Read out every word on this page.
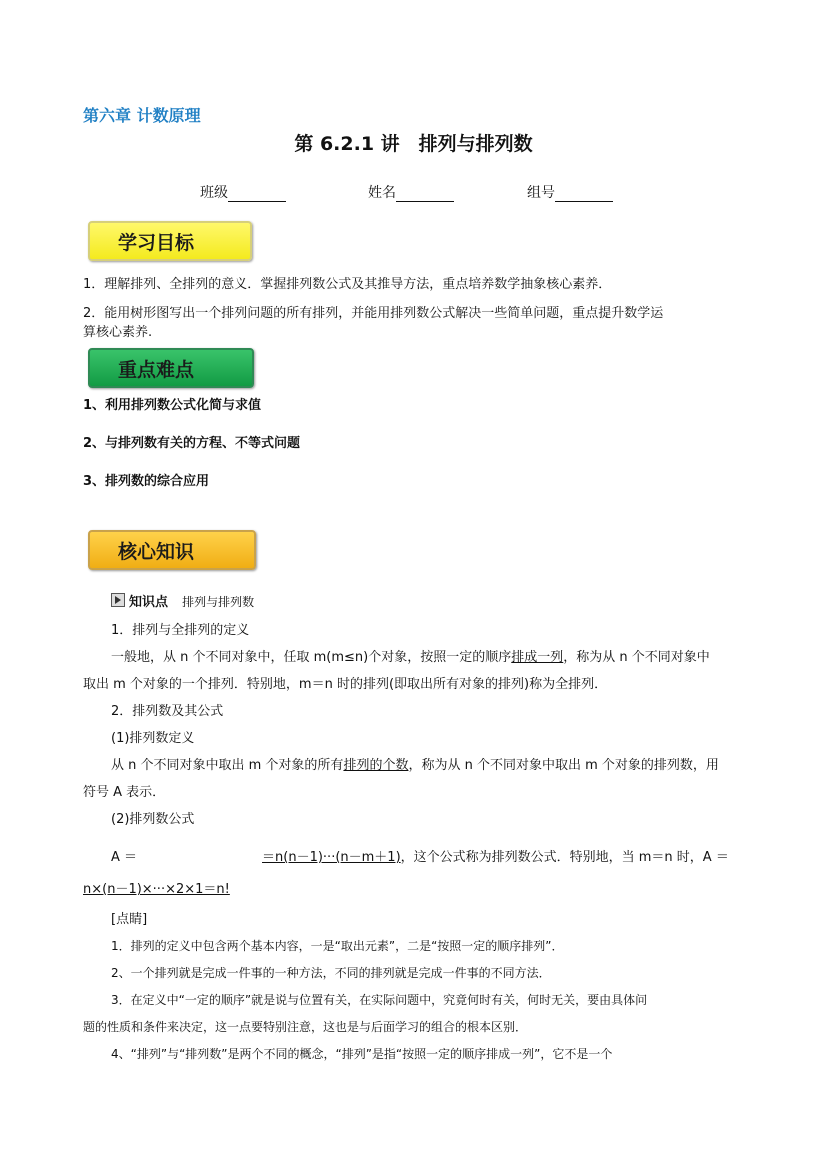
第六章 计数原理
第 6.2.1 讲　排列与排列数
班级	姓名	组号
学习目标
1．理解排列、全排列的意义．掌握排列数公式及其推导方法，重点培养数学抽象核心素养．
2．能用树形图写出一个排列问题的所有排列，并能用排列数公式解决一些简单问题，重点提升数学运
算核心素养.
重点难点
1、利用排列数公式化简与求值
2、与排列数有关的方程、不等式问题
3、排列数的综合应用
核心知识
知识点 排列与排列数
1．排列与全排列的定义
一般地，从 n 个不同对象中，任取 m(m≤n)个对象，按照一定的顺序排成一列，称为从 n 个不同对象中
取出 m 个对象的一个排列．特别地，m＝n 时的排列(即取出所有对象的排列)称为全排列．
2．排列数及其公式
(1)排列数定义
从 n 个不同对象中取出 m 个对象的所有排列的个数，称为从 n 个不同对象中取出 m 个对象的排列数，用
符号 A 表示．
(2)排列数公式
A ＝	＝n(n－1)···(n－m＋1)，这个公式称为排列数公式．特别地，当 m＝n 时，A ＝
n×(n－1)×···×2×1＝n!
[点睛]
1．排列的定义中包含两个基本内容，一是“取出元素”，二是“按照一定的顺序排列”．
2、一个排列就是完成一件事的一种方法，不同的排列就是完成一件事的不同方法．
3．在定义中“一定的顺序”就是说与位置有关，在实际问题中，究竟何时有关，何时无关，要由具体问
题的性质和条件来决定，这一点要特别注意，这也是与后面学习的组合的根本区别．
4、“排列”与“排列数”是两个不同的概念，“排列”是指“按照一定的顺序排成一列”，它不是一个
